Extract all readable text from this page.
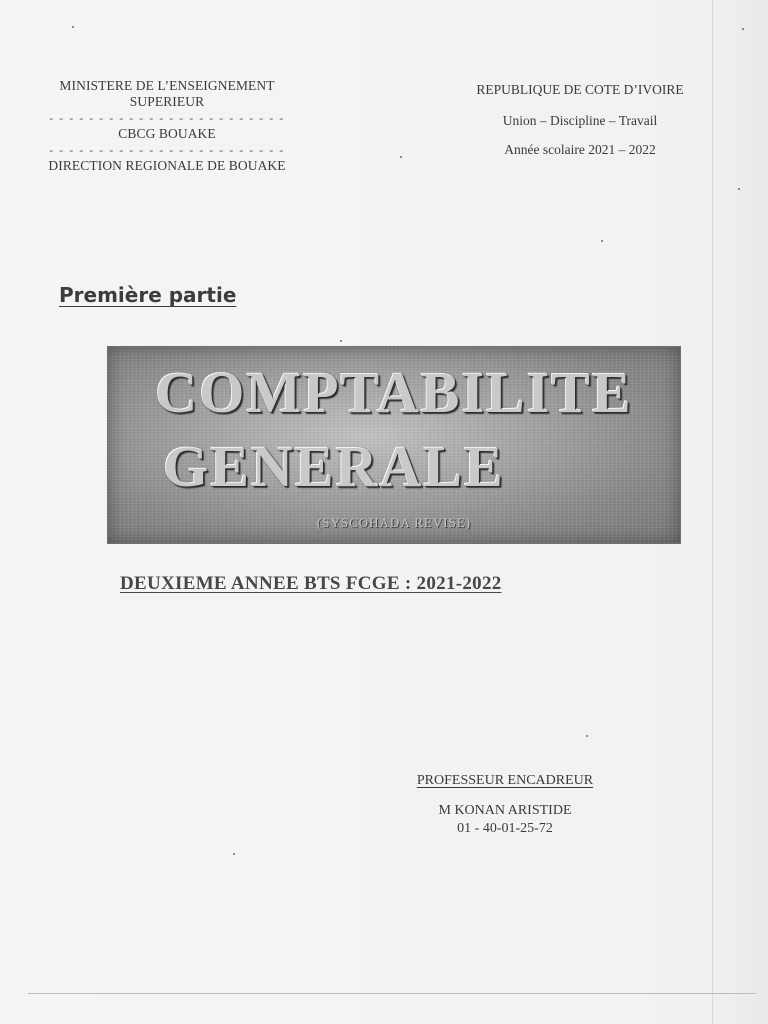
MINISTERE DE L’ENSEIGNEMENT
SUPERIEUR
- - - - - - - - - - - - - - - - - - - - - - - -
CBCG BOUAKE
- - - - - - - - - - - - - - - - - - - - - - - -
DIRECTION REGIONALE DE BOUAKE
REPUBLIQUE DE COTE D’IVOIRE
Union – Discipline – Travail
Année scolaire 2021 – 2022
Première partie
COMPTABILITE
GENERALE
(SYSCOHADA REVISE)
DEUXIEME ANNEE BTS FCGE : 2021-2022
PROFESSEUR ENCADREUR
M KONAN ARISTIDE
01 - 40-01-25-72
